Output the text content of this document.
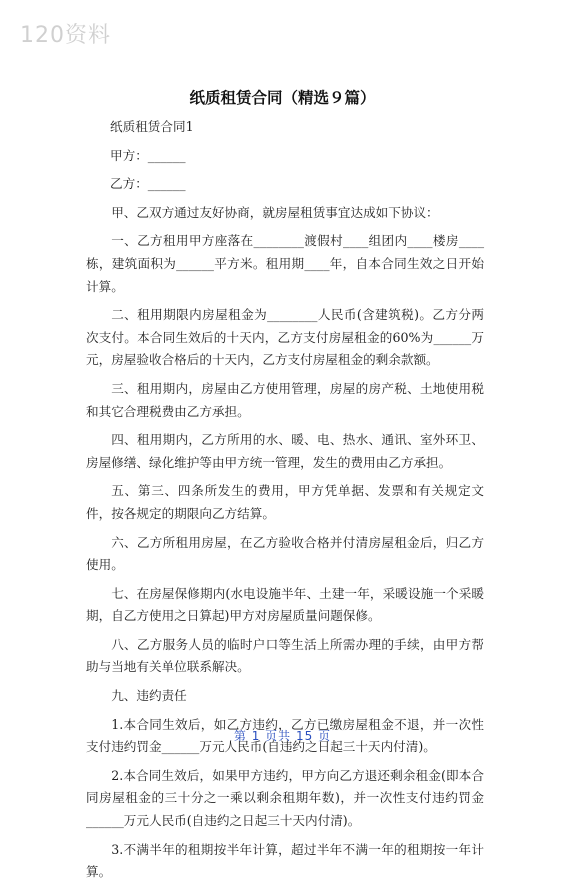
120资料
纸质租赁合同（精选９篇）

纸质租赁合同1

甲方：______

乙方：______

甲、乙双方通过友好协商，就房屋租赁事宜达成如下协议：

一、乙方租用甲方座落在________渡假村____组团内____楼房____栋，建筑面积为______平方米。租用期____年，自本合同生效之日开始计算。

二、租用期限内房屋租金为________人民币(含建筑税)。乙方分两次支付。本合同生效后的十天内，乙方支付房屋租金的60%为______万元，房屋验收合格后的十天内，乙方支付房屋租金的剩余款额。

三、租用期内，房屋由乙方使用管理，房屋的房产税、土地使用税和其它合理税费由乙方承担。

四、租用期内，乙方所用的水、暖、电、热水、通讯、室外环卫、房屋修缮、绿化维护等由甲方统一管理，发生的费用由乙方承担。

五、第三、四条所发生的费用，甲方凭单据、发票和有关规定文件，按各规定的期限向乙方结算。

六、乙方所租用房屋，在乙方验收合格并付清房屋租金后，归乙方使用。

七、在房屋保修期内(水电设施半年、土建一年，采暖设施一个采暖期，自乙方使用之日算起)甲方对房屋质量问题保修。

八、乙方服务人员的临时户口等生活上所需办理的手续，由甲方帮助与当地有关单位联系解决。

九、违约责任

1.本合同生效后，如乙方违约，乙方已缴房屋租金不退，并一次性支付违约罚金______万元人民币(自违约之日起三十天内付清)。

2.本合同生效后，如果甲方违约，甲方向乙方退还剩余租金(即本合同房屋租金的三十分之一乘以剩余租期年数)，并一次性支付违约罚金______万元人民币(自违约之日起三十天内付清)。

3.不满半年的租期按半年计算，超过半年不满一年的租期按一年计算。

第 1 页共 15 页
